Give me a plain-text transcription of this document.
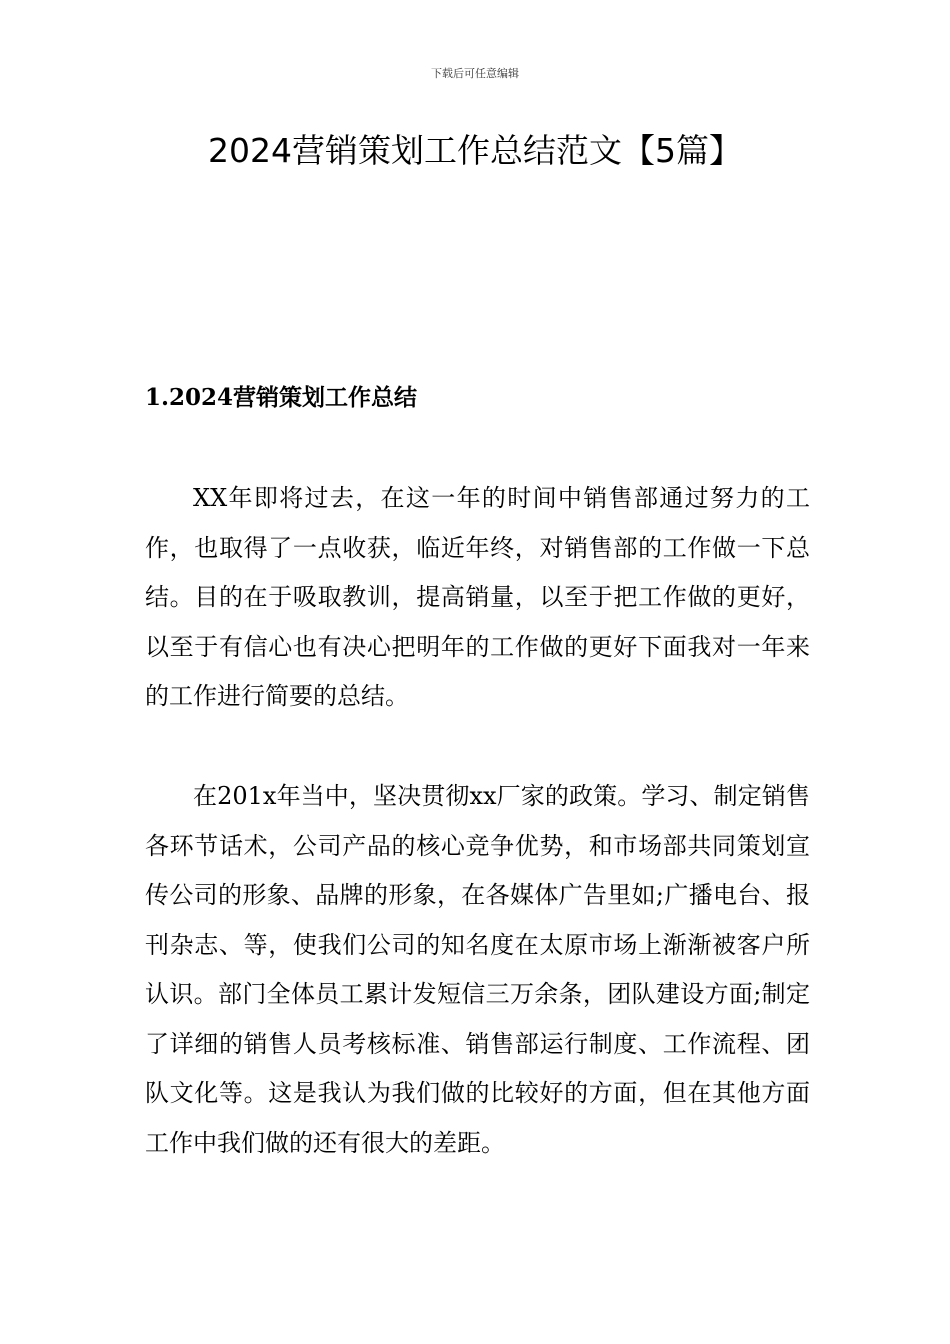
下载后可任意编辑
2024营销策划工作总结范文【5篇】
1.2024营销策划工作总结

XX年即将过去，在这一年的时间中销售部通过努力的工作，也取得了一点收获，临近年终，对销售部的工作做一下总结。目的在于吸取教训，提高销量，以至于把工作做的更好，以至于有信心也有决心把明年的工作做的更好下面我对一年来的工作进行简要的总结。

在201x年当中，坚决贯彻xx厂家的政策。学习、制定销售各环节话术，公司产品的核心竞争优势，和市场部共同策划宣传公司的形象、品牌的形象，在各媒体广告里如;广播电台、报刊杂志、等，使我们公司的知名度在太原市场上渐渐被客户所认识。部门全体员工累计发短信三万余条，团队建设方面;制定了详细的销售人员考核标准、销售部运行制度、工作流程、团队文化等。这是我认为我们做的比较好的方面，但在其他方面工作中我们做的还有很大的差距。
